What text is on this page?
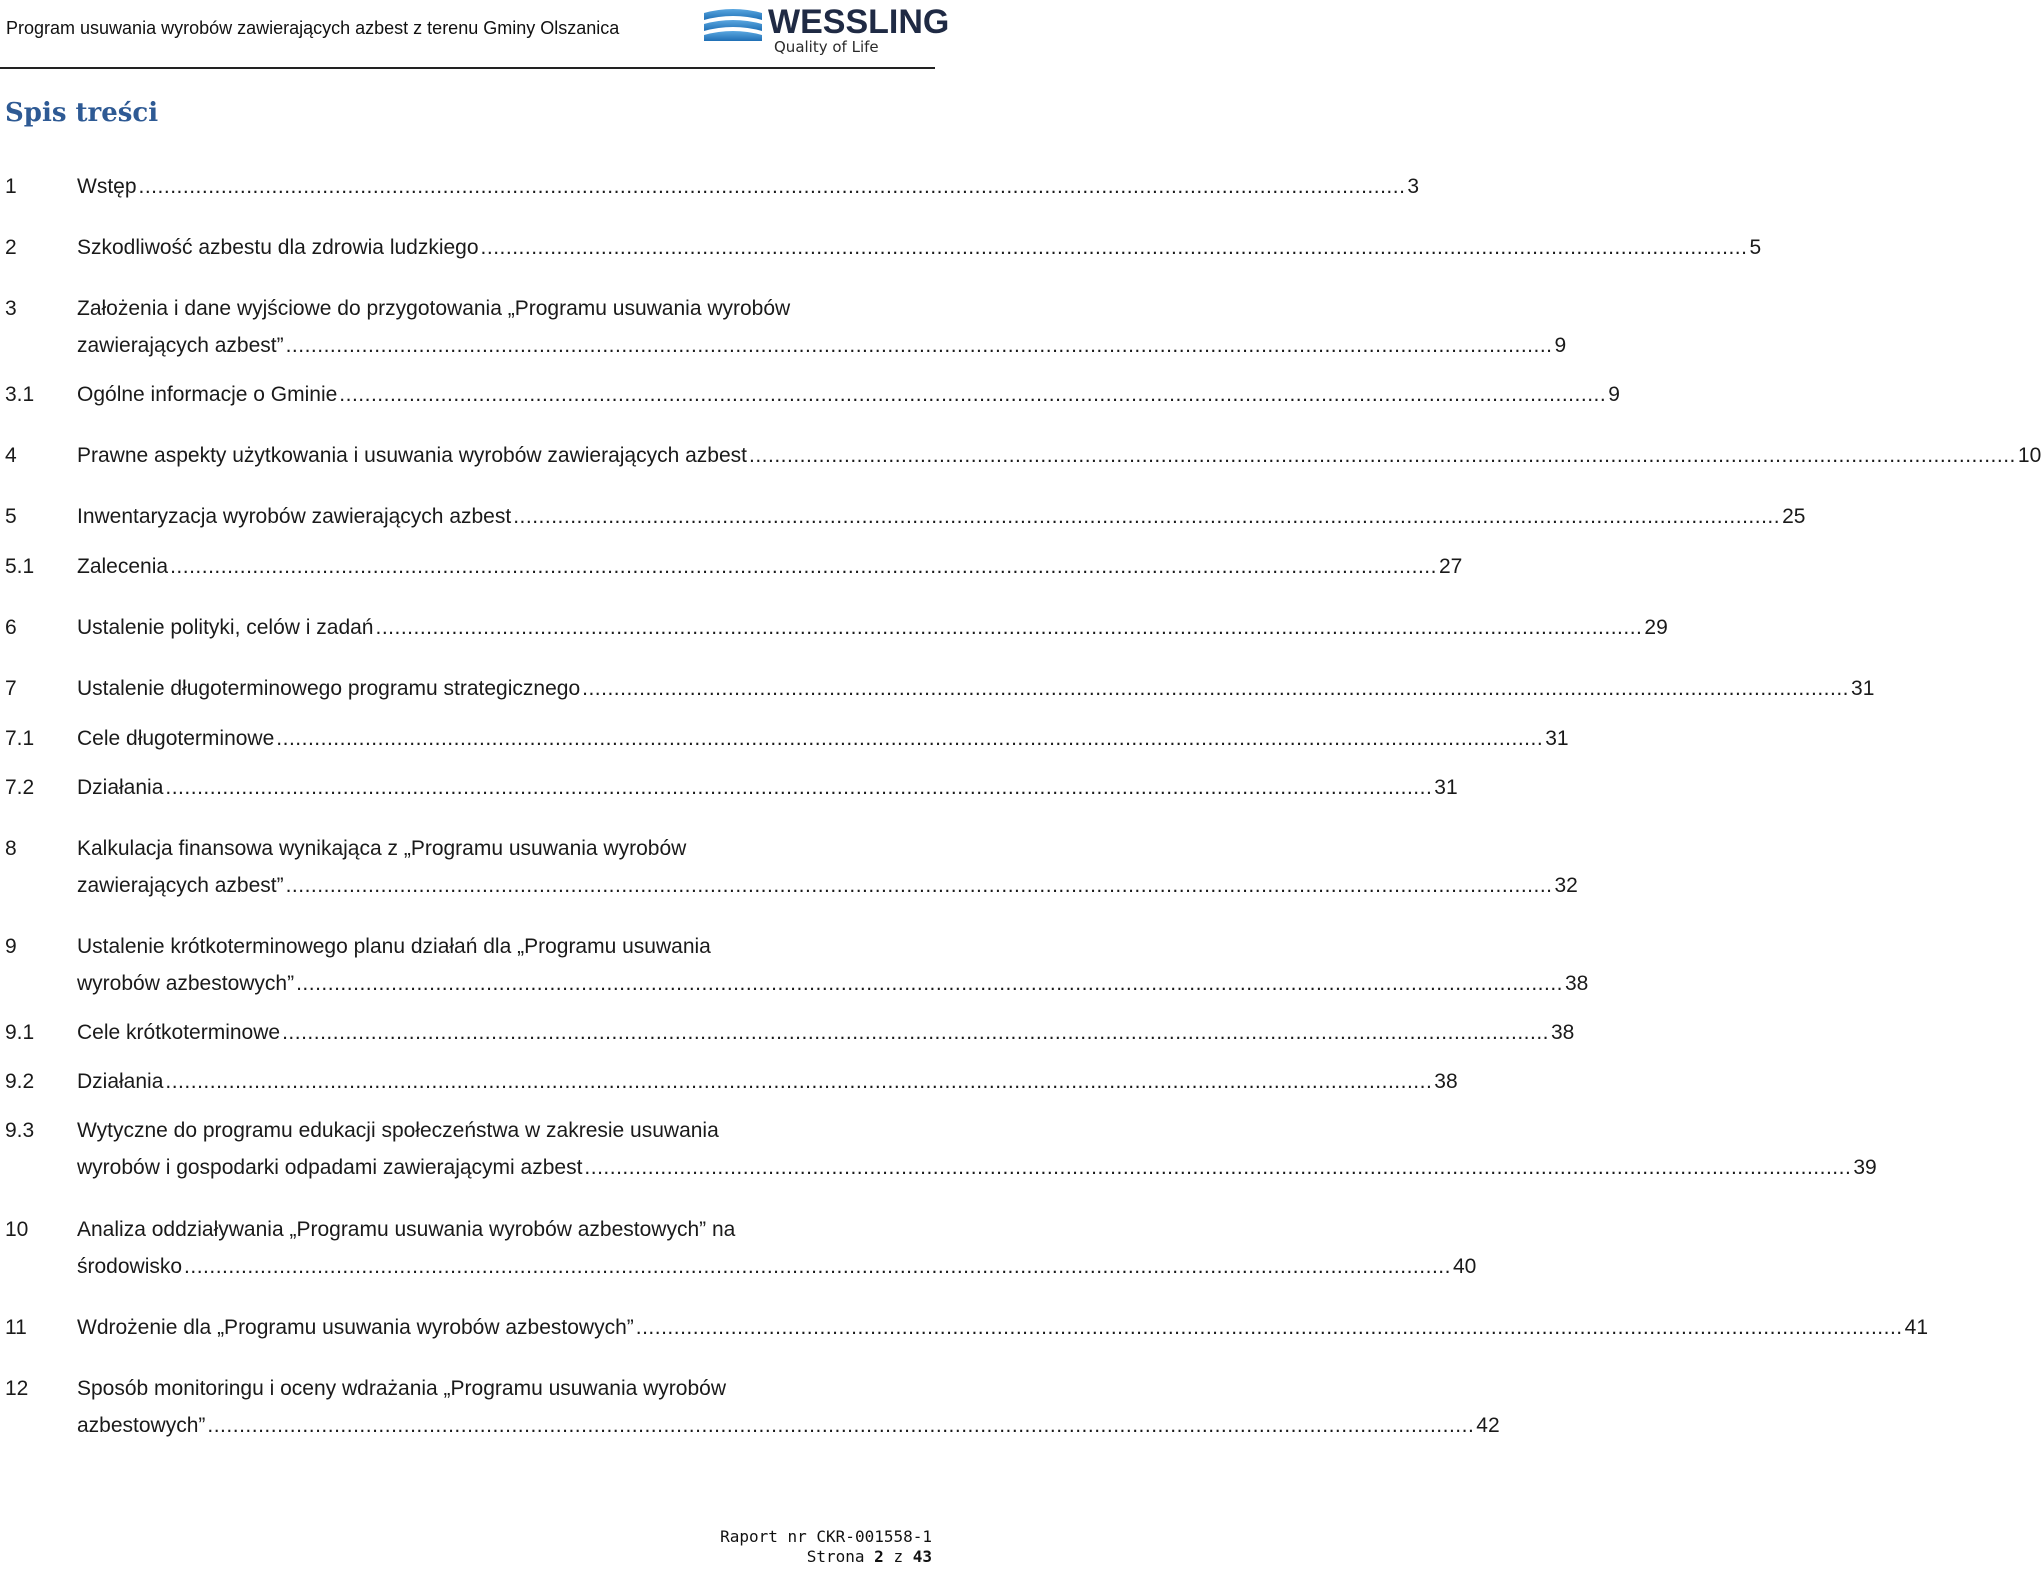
Program usuwania wyrobów zawierających azbest z terenu Gminy Olszanica	WESSLING
Quality of Life
Spis treści
1	Wstęp ........................................................................................................................................................................................................ 3
2	Szkodliwość azbestu dla zdrowia ludzkiego ........................................................................................................................................................................................................ 5
3	Założenia i dane wyjściowe do przygotowania „Programu usuwania wyrobów
zawierających azbest” ........................................................................................................................................................................................................ 9
3.1 Ogólne informacje o Gminie ........................................................................................................................................................................................................ 9
4	Prawne aspekty użytkowania i usuwania wyrobów zawierających azbest ........................................................................................................................................................................................................ 10
5	Inwentaryzacja wyrobów zawierających azbest ........................................................................................................................................................................................................ 25
5.1 Zalecenia ........................................................................................................................................................................................................ 27
6	Ustalenie polityki, celów i zadań ........................................................................................................................................................................................................ 29
7	Ustalenie długoterminowego programu strategicznego ........................................................................................................................................................................................................ 31
7.1 Cele długoterminowe ........................................................................................................................................................................................................ 31
7.2 Działania ........................................................................................................................................................................................................ 31
8	Kalkulacja finansowa wynikająca z „Programu usuwania wyrobów
zawierających azbest” ........................................................................................................................................................................................................ 32
9	Ustalenie krótkoterminowego planu działań dla „Programu usuwania
wyrobów azbestowych” ........................................................................................................................................................................................................ 38
9.1 Cele krótkoterminowe ........................................................................................................................................................................................................ 38
9.2 Działania ........................................................................................................................................................................................................ 38
9.3 Wytyczne do programu edukacji społeczeństwa w zakresie usuwania
wyrobów i gospodarki odpadami zawierającymi azbest ........................................................................................................................................................................................................ 39
10 Analiza oddziaływania „Programu usuwania wyrobów azbestowych” na
środowisko ........................................................................................................................................................................................................ 40
11 Wdrożenie dla „Programu usuwania wyrobów azbestowych” ........................................................................................................................................................................................................ 41
12 Sposób monitoringu i oceny wdrażania „Programu usuwania wyrobów
azbestowych” ........................................................................................................................................................................................................ 42
Raport nr CKR-001558-1
Strona 2 z 43
